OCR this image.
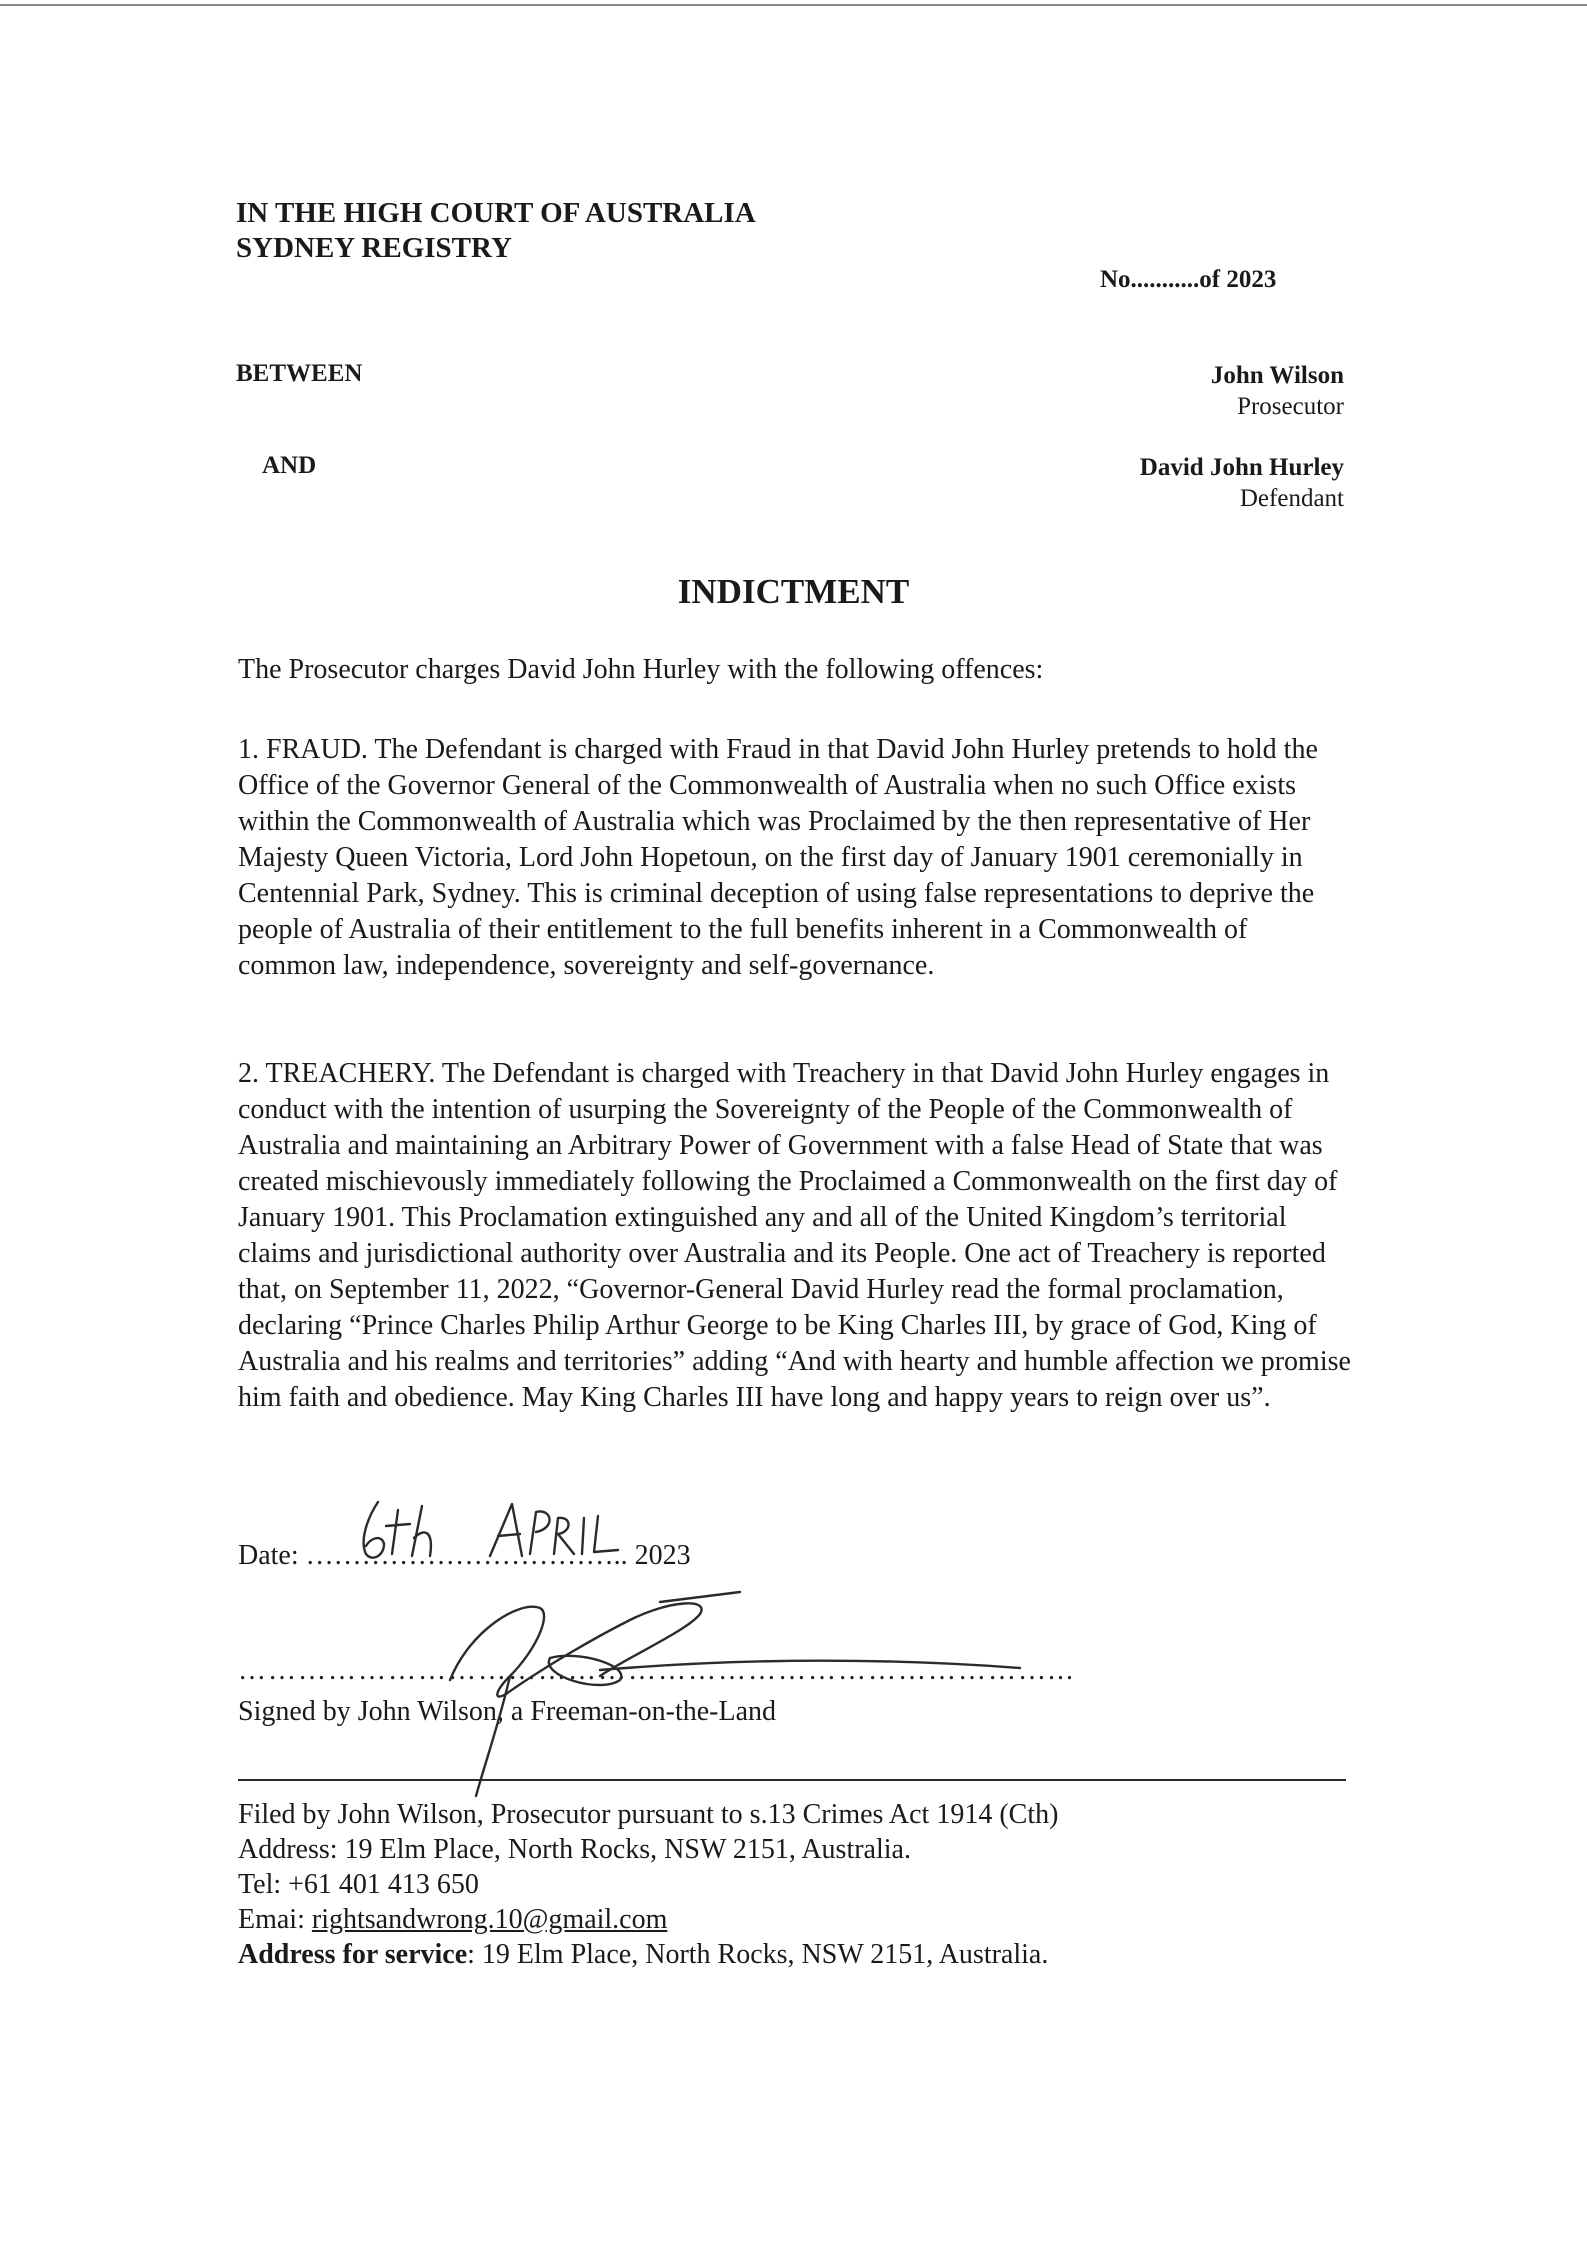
IN THE HIGH COURT OF AUSTRALIA
SYDNEY REGISTRY
No...........of 2023
BETWEEN
AND
John Wilson
Prosecutor
David John Hurley
Defendant
INDICTMENT
The Prosecutor charges David John Hurley with the following offences:
1. FRAUD. The Defendant is charged with Fraud in that David John Hurley pretends to hold the Office of the Governor General of the Commonwealth of Australia when no such Office exists within the Commonwealth of Australia which was Proclaimed by the then representative of Her Majesty Queen Victoria, Lord John Hopetoun, on the first day of January 1901 ceremonially in Centennial Park, Sydney. This is criminal deception of using false representations to deprive the people of Australia of their entitlement to the full benefits inherent in a Commonwealth of common law, independence, sovereignty and self-governance.
2. TREACHERY. The Defendant is charged with Treachery in that David John Hurley engages in conduct with the intention of usurping the Sovereignty of the People of the Commonwealth of Australia and maintaining an Arbitrary Power of Government with a false Head of State that was created mischievously immediately following the Proclaimed a Commonwealth on the first day of January 1901. This Proclamation extinguished any and all of the United Kingdom’s territorial claims and jurisdictional authority over Australia and its People. One act of Treachery is reported that, on September 11, 2022, “Governor-General David Hurley read the formal proclamation, declaring “Prince Charles Philip Arthur George to be King Charles III, by grace of God, King of Australia and his realms and territories” adding “And with hearty and humble affection we promise him faith and obedience. May King Charles III have long and happy years to reign over us”.
Date: …………………………….. 2023
………………………………………………………………………...
Signed by John Wilson, a Freeman-on-the-Land
Filed by John Wilson, Prosecutor pursuant to s.13 Crimes Act 1914 (Cth)
Address: 19 Elm Place, North Rocks, NSW 2151, Australia.
Tel: +61 401 413 650
Emai: rightsandwrong.10@gmail.com
Address for service: 19 Elm Place, North Rocks, NSW 2151, Australia.
